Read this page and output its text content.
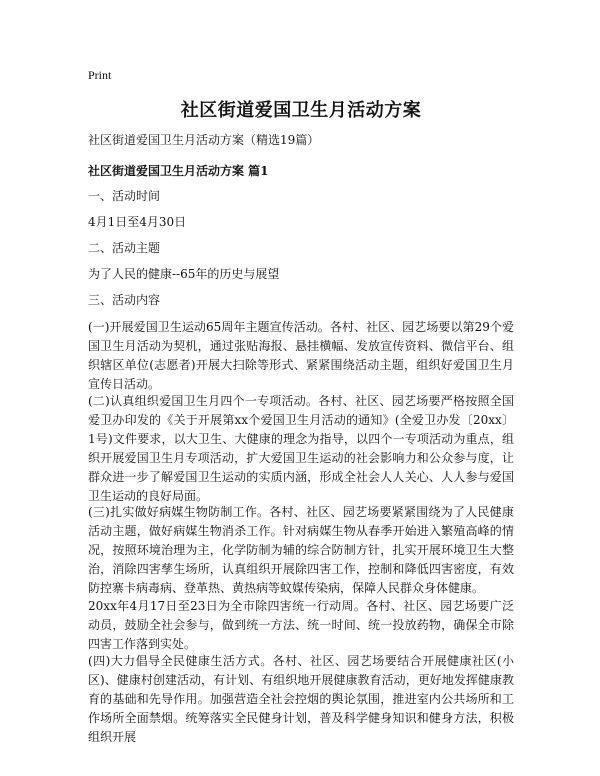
Print
社区街道爱国卫生月活动方案
社区街道爱国卫生月活动方案（精选19篇）
社区街道爱国卫生月活动方案 篇1
一、活动时间
4月1日至4月30日
二、活动主题
为了人民的健康--65年的历史与展望
三、活动内容
(一)开展爱国卫生运动65周年主题宣传活动。各村、社区、园艺场要以第29个爱国卫生月活动为契机，通过张贴海报、悬挂横幅、发放宣传资料、微信平台、组织辖区单位(志愿者)开展大扫除等形式、紧紧围绕活动主题，组织好爱国卫生月宣传日活动。
(二)认真组织爱国卫生月四个一专项活动。各村、社区、园艺场要严格按照全国爱卫办印发的《关于开展第xx个爱国卫生月活动的通知》(全爱卫办发〔20xx〕1号)文件要求，以大卫生、大健康的理念为指导，以四个一专项活动为重点，组织开展爱国卫生月专项活动，扩大爱国卫生运动的社会影响力和公众参与度，让群众进一步了解爱国卫生运动的实质内涵，形成全社会人人关心、人人参与爱国卫生运动的良好局面。
(三)扎实做好病媒生物防制工作。各村、社区、园艺场要紧紧围绕为了人民健康活动主题，做好病媒生物消杀工作。针对病媒生物从春季开始进入繁殖高峰的情况，按照环境治理为主，化学防制为辅的综合防制方针，扎实开展环境卫生大整治，消除四害孳生场所，认真组织开展除四害工作，控制和降低四害密度，有效防控寨卡病毒病、登革热、黄热病等蚊媒传染病，保障人民群众身体健康。
20xx年4月17日至23日为全市除四害统一行动周。各村、社区、园艺场要广泛动员，鼓励全社会参与，做到统一方法、统一时间、统一投放药物，确保全市除四害工作落到实处。
(四)大力倡导全民健康生活方式。各村、社区、园艺场要结合开展健康社区(小区)、健康村创建活动，有计划、有组织地开展健康教育活动，更好地发挥健康教育的基础和先导作用。加强营造全社会控烟的舆论氛围，推进室内公共场所和工作场所全面禁烟。统筹落实全民健身计划，普及科学健身知识和健身方法，积极组织开展
